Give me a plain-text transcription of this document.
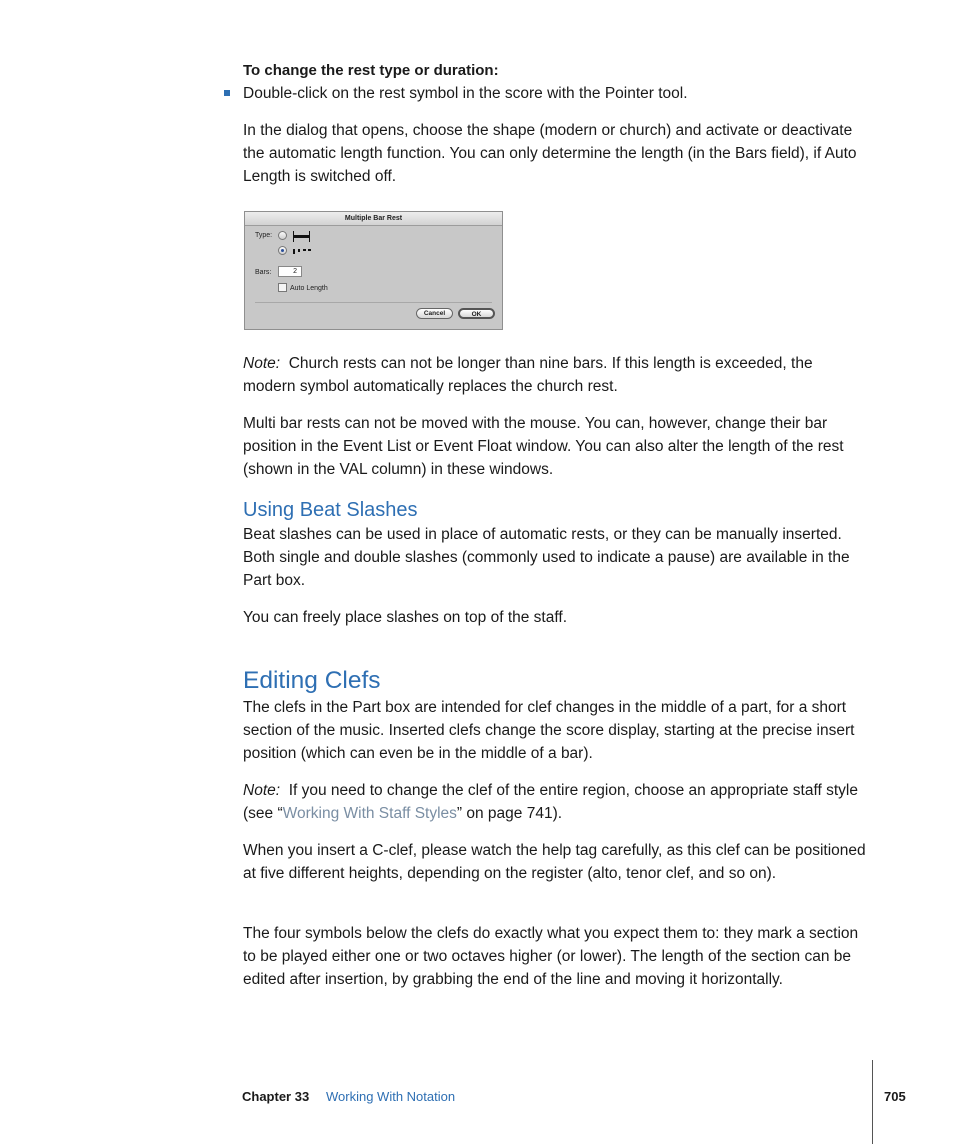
To change the rest type or duration:

Double-click on the rest symbol in the score with the Pointer tool.

In the dialog that opens, choose the shape (modern or church) and activate or deactivate the automatic length function. You can only determine the length (in the Bars field), if Auto Length is switched off.

Note: Church rests can not be longer than nine bars. If this length is exceeded, the modern symbol automatically replaces the church rest.

Multi bar rests can not be moved with the mouse. You can, however, change their bar position in the Event List or Event Float window. You can also alter the length of the rest (shown in the VAL column) in these windows.

Using Beat Slashes

Beat slashes can be used in place of automatic rests, or they can be manually inserted. Both single and double slashes (commonly used to indicate a pause) are available in the Part box.

You can freely place slashes on top of the staff.

Editing Clefs

The clefs in the Part box are intended for clef changes in the middle of a part, for a short section of the music. Inserted clefs change the score display, starting at the precise insert position (which can even be in the middle of a bar).

Note: If you need to change the clef of the entire region, choose an appropriate staff style (see “Working With Staff Styles” on page 741).

When you insert a C-clef, please watch the help tag carefully, as this clef can be positioned at five different heights, depending on the register (alto, tenor clef, and so on).

The four symbols below the clefs do exactly what you expect them to: they mark a section to be played either one or two octaves higher (or lower). The length of the section can be edited after insertion, by grabbing the end of the line and moving it horizontally.

Multiple Bar Rest
Type:
Bars:	2
Auto Length
Cancel	OK
Chapter 33 Working With Notation	705
